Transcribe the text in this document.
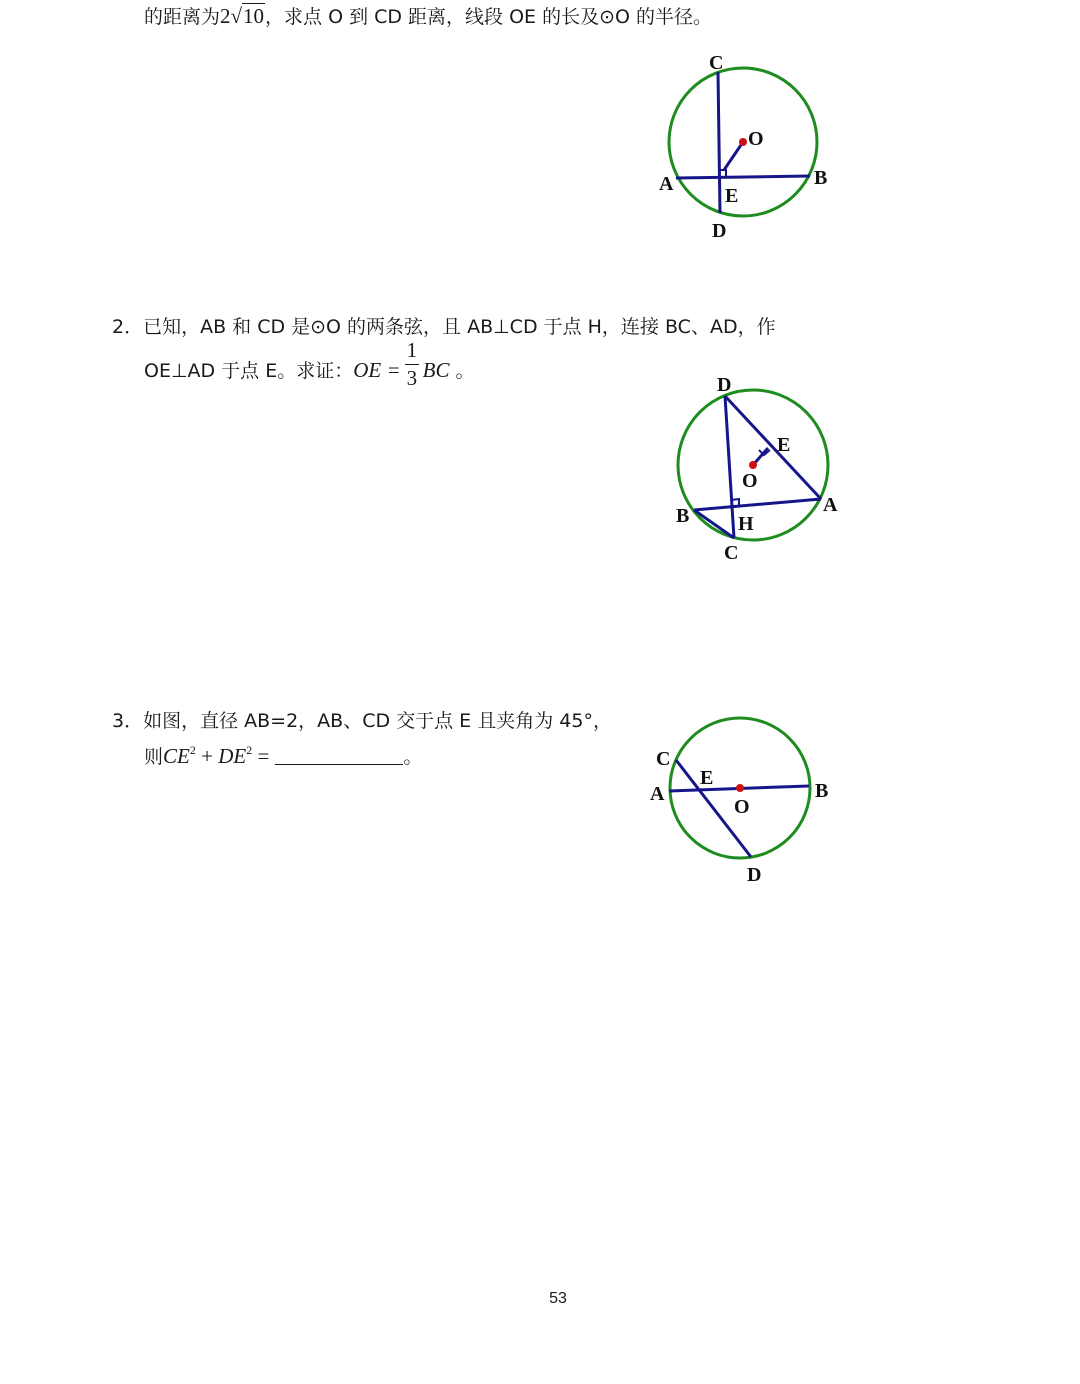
的距离为2√10，求点 O 到 CD 距离，线段 OE 的长及⊙O 的半径。
C
O
A	B
E
D
2．已知，AB 和 CD 是⊙O 的两条弦，且 AB⊥CD 于点 H，连接 BC、AD，作
OE⊥AD 于点 E。求证：OE = $\frac{1}{3}$ BC 。
D
E
O
A
B H
C
3．如图，直径 AB=2，AB、CD 交于点 E 且夹角为 45°，
则$CE^2 + DE^2$ =	。	C
E
A
O
B
D
53
